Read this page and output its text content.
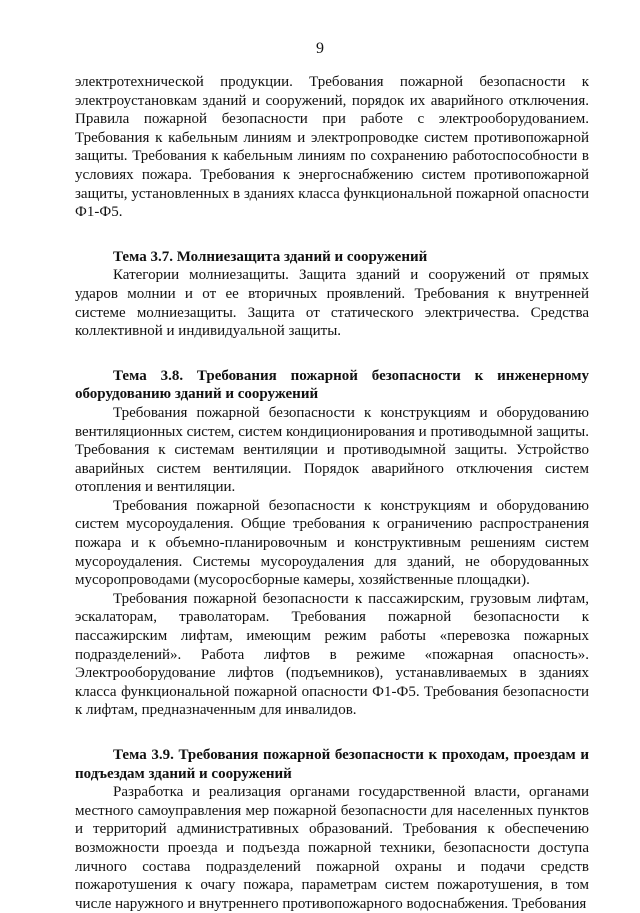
9

электротехнической продукции. Требования пожарной безопасности к электроустановкам зданий и сооружений, порядок их аварийного отключения. Правила пожарной безопасности при работе с электрооборудованием. Требования к кабельным линиям и электропроводке систем противопожарной защиты. Требования к кабельным линиям по сохранению работоспособности в условиях пожара. Требования к энергоснабжению систем противопожарной защиты, установленных в зданиях класса функциональной пожарной опасности Ф1-Ф5.

Тема 3.7. Молниезащита зданий и сооружений

Категории молниезащиты. Защита зданий и сооружений от прямых ударов молнии и от ее вторичных проявлений. Требования к внутренней системе молниезащиты. Защита от статического электричества. Средства коллективной и индивидуальной защиты.

Тема 3.8. Требования пожарной безопасности к инженерному оборудованию зданий и сооружений

Требования пожарной безопасности к конструкциям и оборудованию вентиляционных систем, систем кондиционирования и противодымной защиты. Требования к системам вентиляции и противодымной защиты. Устройство аварийных систем вентиляции. Порядок аварийного отключения систем отопления и вентиляции.

Требования пожарной безопасности к конструкциям и оборудованию систем мусороудаления. Общие требования к ограничению распространения пожара и к объемно-планировочным и конструктивным решениям систем мусороудаления. Системы мусороудаления для зданий, не оборудованных мусоропроводами (мусоросборные камеры, хозяйственные площадки).

Требования пожарной безопасности к пассажирским, грузовым лифтам, эскалаторам, траволаторам. Требования пожарной безопасности к пассажирским лифтам, имеющим режим работы «перевозка пожарных подразделений». Работа лифтов в режиме «пожарная опасность». Электрооборудование лифтов (подъемников), устанавливаемых в зданиях класса функциональной пожарной опасности Ф1-Ф5. Требования безопасности к лифтам, предназначенным для инвалидов.

Тема 3.9. Требования пожарной безопасности к проходам, проездам и подъездам зданий и сооружений

Разработка и реализация органами государственной власти, органами местного самоуправления мер пожарной безопасности для населенных пунктов и территорий административных образований. Требования к обеспечению возможности проезда и подъезда пожарной техники, безопасности доступа личного состава подразделений пожарной охраны и подачи средств пожаротушения к очагу пожара, параметрам систем пожаротушения, в том числе наружного и внутреннего противопожарного водоснабжения. Требования
